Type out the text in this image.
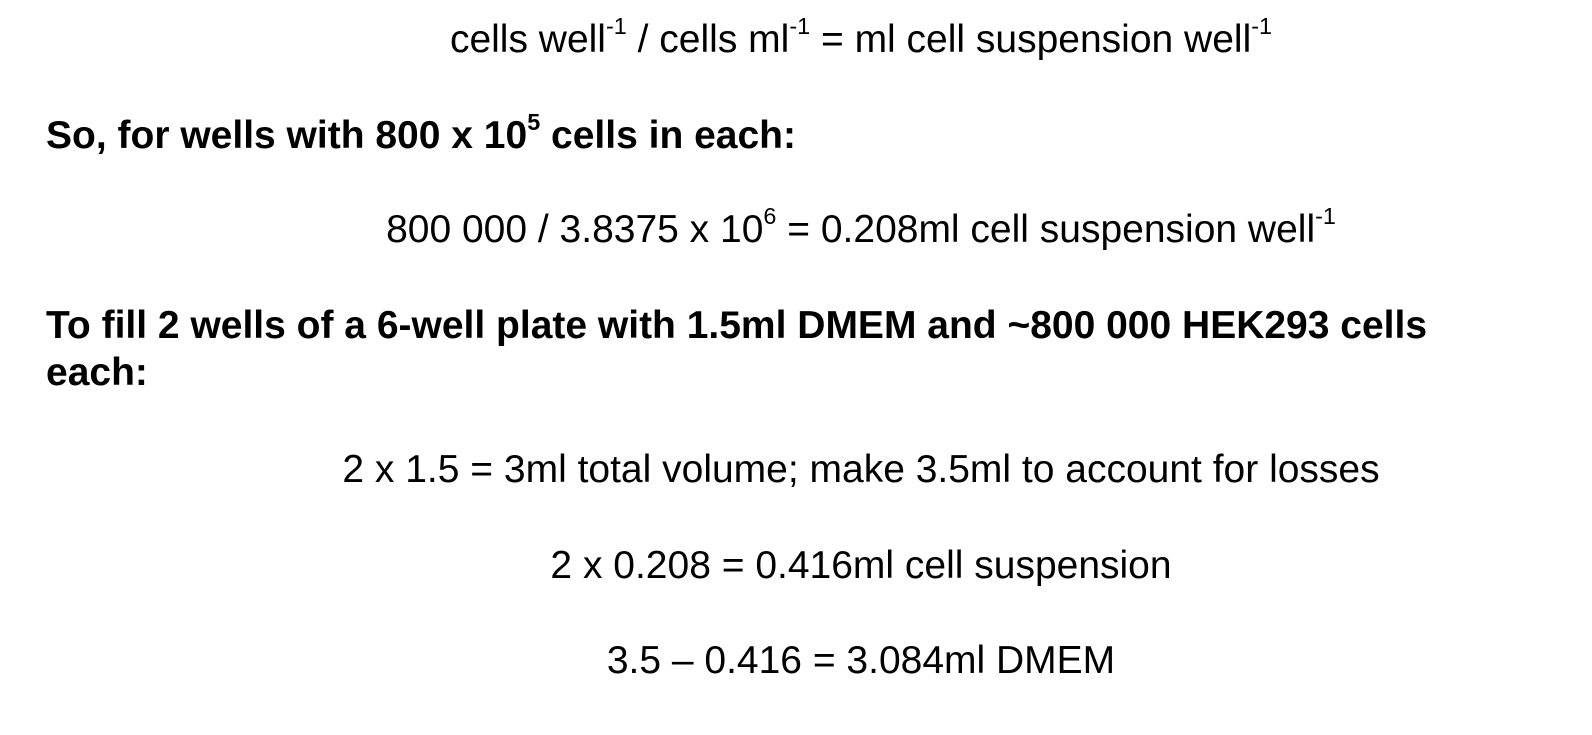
cells well$^{-1}$ / cells $ml^{-1}$ = ml cell suspension well$^{-1}$
So, for wells with 800 x $10^5$ cells in each:
800 000 / 3.8375 x $10^6 = 0.208ml$ cell suspension well$^{-1}$
To fill 2 wells of a 6-well plate with 1.5ml DMEM and ~800 000 HEK293 cells
each:
2 x 1.5 = 3ml total volume; make 3.5ml to account for losses
2 x 0.208 = 0.416ml cell suspension
3.5 – 0.416 = 3.084ml DMEM
